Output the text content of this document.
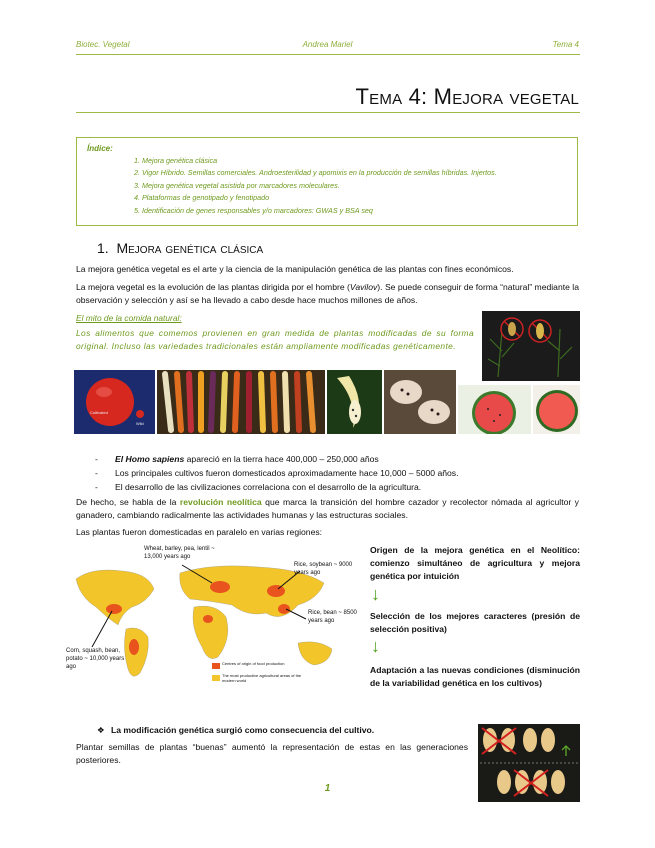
Biotec. Vegetal	Andrea Mariel	Tema 4
Tema 4: Mejora vegetal
Índice:
1. Mejora genética clásica
2. Vigor Híbrido. Semillas comerciales. Androesterilidad y apomixis en la producción de semillas híbridas. Injertos.
3. Mejora genética vegetal asistida por marcadores moleculares.
4. Plataformas de genotipado y fenotipado
5. Identificación de genes responsables y/o marcadores: GWAS y BSA seq
1. Mejora genética clásica
La mejora genética vegetal es el arte y la ciencia de la manipulación genética de las plantas con fines económicos.
La mejora vegetal es la evolución de las plantas dirigida por el hombre (Vavilov). Se puede conseguir de forma “natural” mediante la observación y selección y así se ha llevado a cabo desde hace muchos millones de años.
El mito de la comida natural:
Los alimentos que comemos provienen en gran medida de plantas modificadas de su forma original. Incluso las variedades tradicionales están ampliamente modificadas genéticamente.
Cultivated
Wild
- El Homo sapiens apareció en la tierra hace 400,000 – 250,000 años
- Los principales cultivos fueron domesticados aproximadamente hace 10,000 – 5000 años.
- El desarrollo de las civilizaciones correlaciona con el desarrollo de la agricultura.
De hecho, se habla de la revolución neolítica que marca la transición del hombre cazador y recolector nómada al agricultor y ganadero, cambiando radicalmente las actividades humanas y las estructuras sociales.
Las plantas fueron domesticadas en paralelo en varias regiones:
Wheat, barley, pea, lentil ~ 13,000 years ago
Rice, soybean ~ 9000 years ago
Rice, bean ~ 8500 years ago
Corn, squash, bean, potato ~ 10,000 years ago
Centres of origin of food production
The most productive agricultural areas of the modern world
Origen de la mejora genética en el Neolítico: comienzo simultáneo de agricultura y mejora genética por intuición
↓
Selección de los mejores caracteres (presión de selección positiva)
↓
Adaptación a las nuevas condiciones (disminución de la variabilidad genética en los cultivos)
❖ La modificación genética surgió como consecuencia del cultivo.
Plantar semillas de plantas “buenas” aumentó la representación de estas en las generaciones posteriores.
1
